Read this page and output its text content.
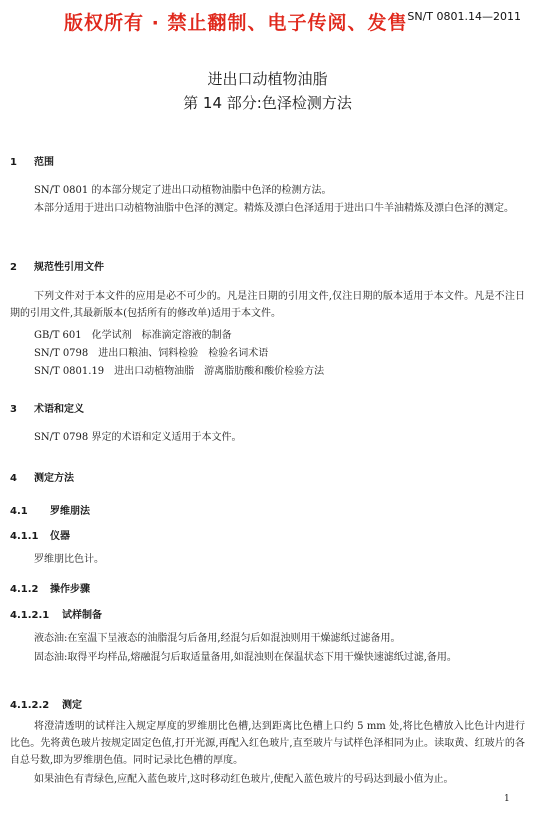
版权所有 · 禁止翻制、电子传阅、发售 SN/T 0801.14—2011
进出口动植物油脂
第 14 部分:色泽检测方法
1 范围
SN/T 0801 的本部分规定了进出口动植物油脂中色泽的检测方法。
本部分适用于进出口动植物油脂中色泽的测定。精炼及漂白色泽适用于进出口牛羊油精炼及漂白色泽的测定。
2 规范性引用文件
下列文件对于本文件的应用是必不可少的。凡是注日期的引用文件,仅注日期的版本适用于本文件。凡是不注日期的引用文件,其最新版本(包括所有的修改单)适用于本文件。
GB/T 601　化学试剂　标准滴定溶液的制备
SN/T 0798　进出口粮油、饲料检验　检验名词术语
SN/T 0801.19　进出口动植物油脂　游离脂肪酸和酸价检验方法
3 术语和定义
SN/T 0798 界定的术语和定义适用于本文件。
4 测定方法
4.1 罗维朋法
4.1.1 仪器
罗维朋比色计。
4.1.2 操作步骤
4.1.2.1 试样制备
液态油:在室温下呈液态的油脂混匀后备用,经混匀后如混浊则用干燥滤纸过滤备用。
固态油:取得平均样品,熔融混匀后取适量备用,如混浊则在保温状态下用干燥快速滤纸过滤,备用。
4.1.2.2 测定
将澄清透明的试样注入规定厚度的罗维朋比色槽,达到距离比色槽上口约 5 mm 处,将比色槽放入比色计内进行比色。先将黄色玻片按规定固定色值,打开光源,再配入红色玻片,直至玻片与试样色泽相同为止。读取黄、红玻片的各自总号数,即为罗维朋色值。同时记录比色槽的厚度。
如果油色有青绿色,应配入蓝色玻片,这时移动红色玻片,使配入蓝色玻片的号码达到最小值为止。
1
